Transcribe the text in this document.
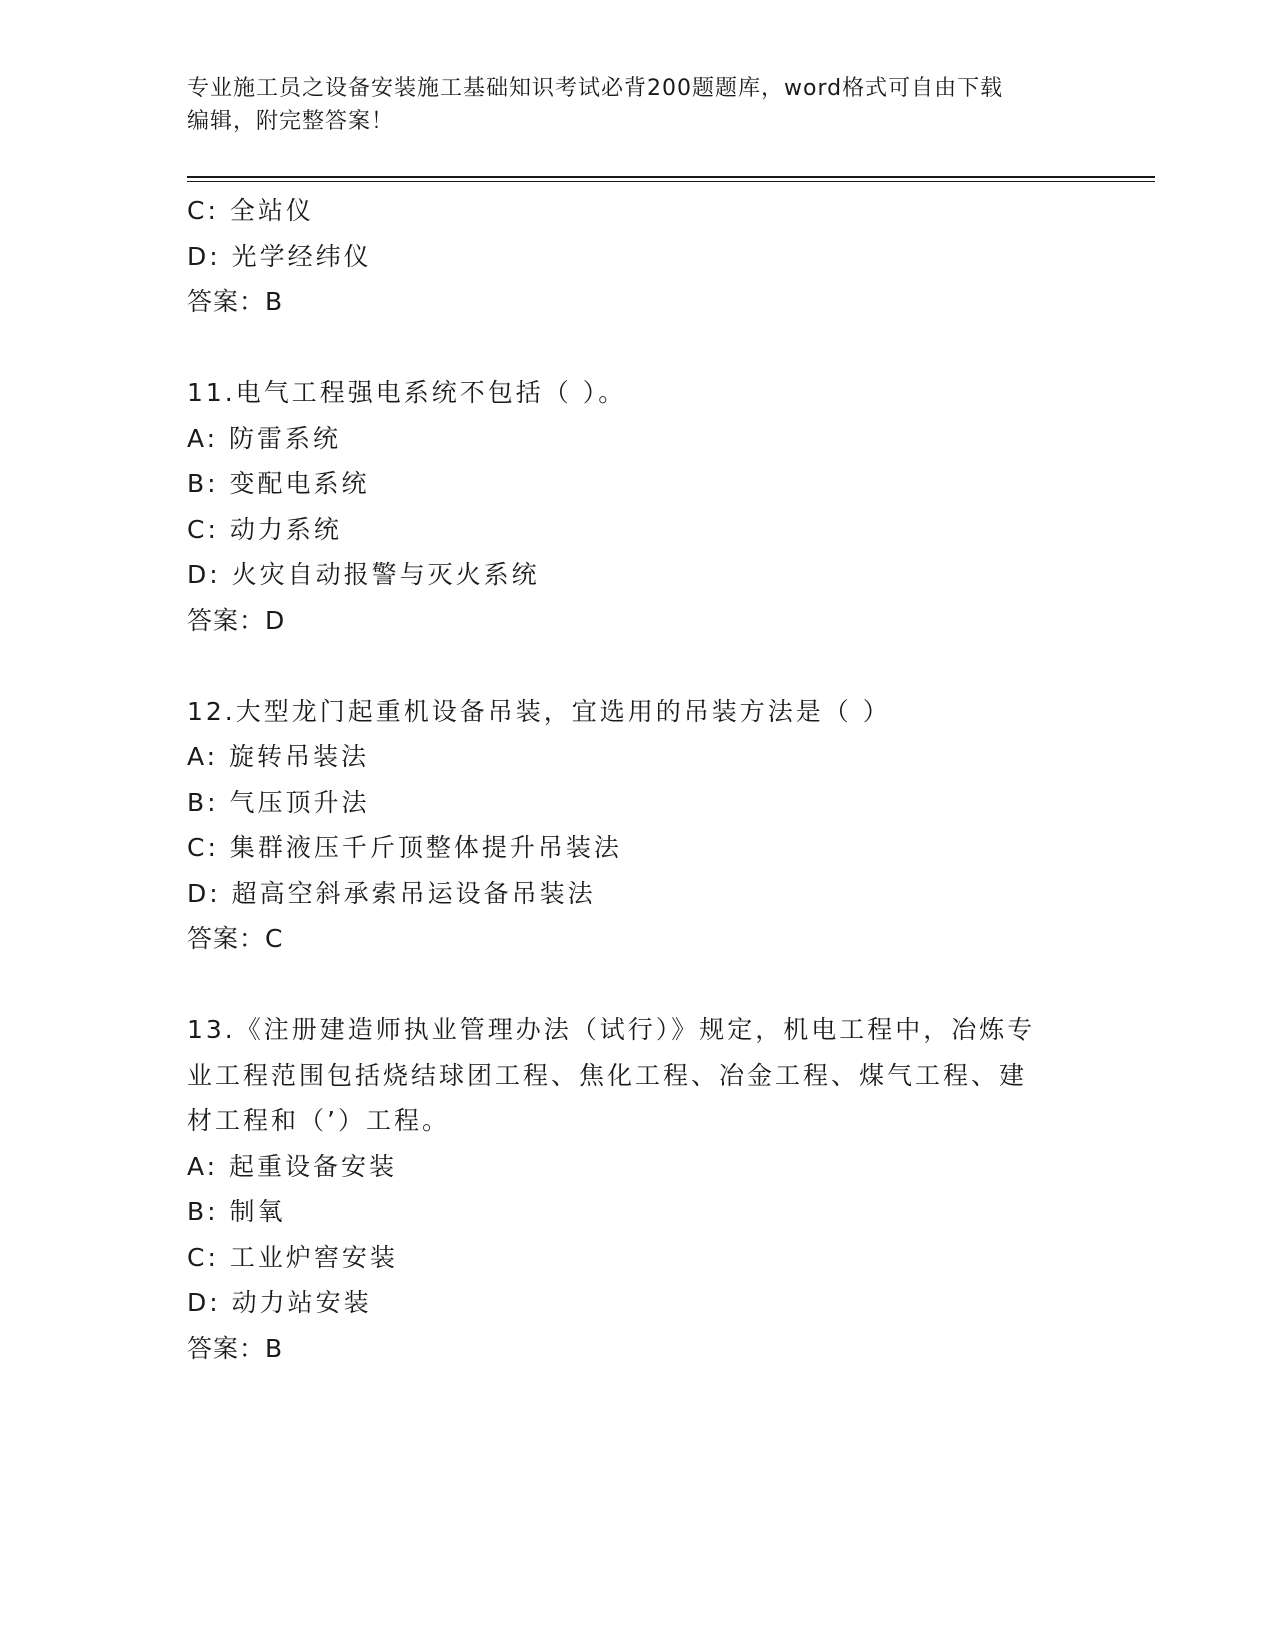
专业施工员之设备安装施工基础知识考试必背200题题库，word格式可自由下载
编辑，附完整答案！
C: 全站仪
D: 光学经纬仪
答案：B
11.电气工程强电系统不包括（ ）。
A: 防雷系统
B: 变配电系统
C: 动力系统
D: 火灾自动报警与灭火系统
答案：D
12.大型龙门起重机设备吊装，宜选用的吊装方法是（ ）
A: 旋转吊装法
B: 气压顶升法
C: 集群液压千斤顶整体提升吊装法
D: 超高空斜承索吊运设备吊装法
答案：C
13.《注册建造师执业管理办法（试行）》规定，机电工程中，冶炼专
业工程范围包括烧结球团工程、焦化工程、冶金工程、煤气工程、建
材工程和（’）工程。
A: 起重设备安装
B: 制氧
C: 工业炉窖安装
D: 动力站安装
答案：B
